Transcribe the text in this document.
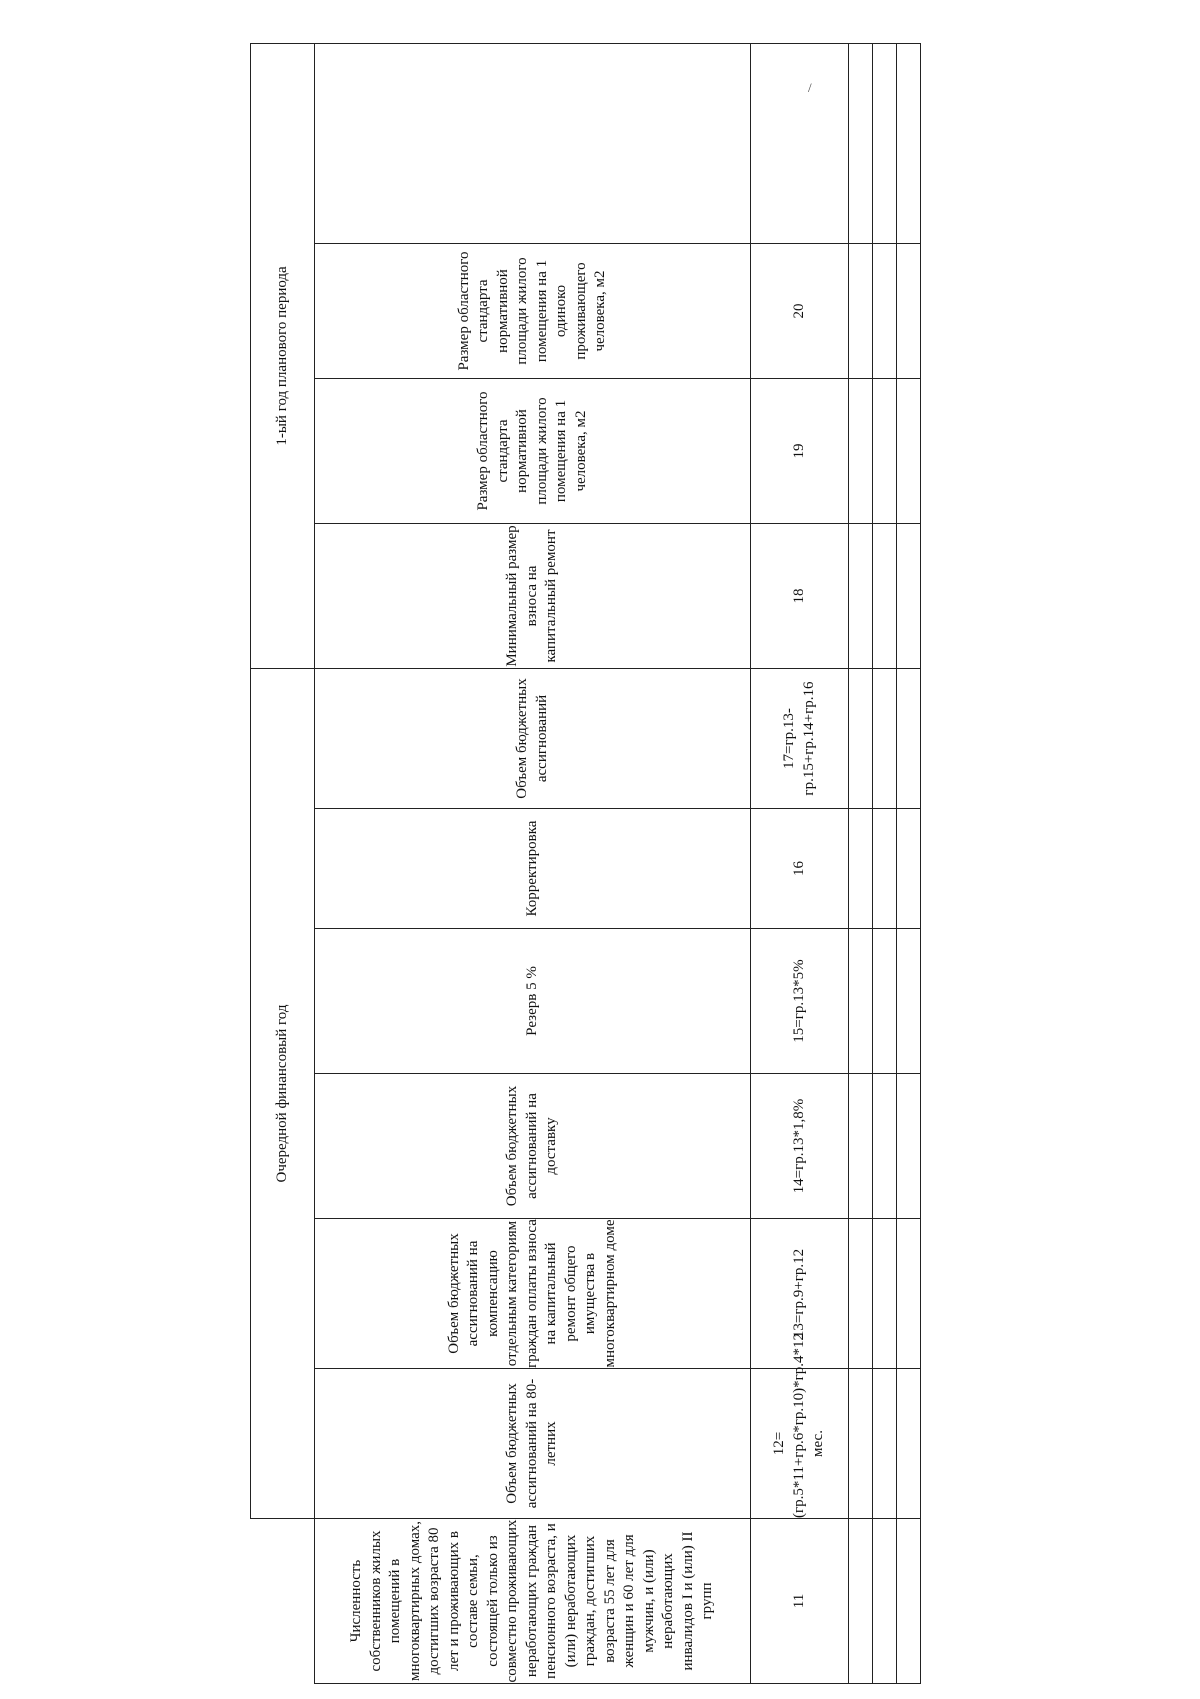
	Очередной финансовый год						1-ый год планового периода			
Численность собственников жилых помещений в многоквартирных домах, достигших возраста 80 лет и проживающих в составе семьи, состоящей только из совместно проживающих неработающих граждан пенсионного возраста, и (или) неработающих граждан, достигших возраста 55 лет для женщин и 60 лет для мужчин, и (или) неработающих инвалидов I и (или) II групп	Объем бюджетных ассигнований на 80-летних	Объем бюджетных ассигнований на компенсацию отдельным категориям граждан оплаты взноса на капитальный ремонт общего имущества в многоквартирном доме	Объем бюджетных ассигнований на доставку	Резерв 5 %	Корректировка	Объем бюджетных ассигнований	Минимальный размер взноса на капитальный ремонт	Размер областного стандарта нормативной площади жилого помещения на 1 человека, м2	Размер областного стандарта нормативной площади жилого помещения на 1 одиноко проживающего человека, м2	
11	12=(гр.5*11+гр.6*гр.10)*гр.4*12 мес.	13=гр.9+гр.12	14=гр.13*1,8%	15=гр.13*5%	16	17=гр.13-гр.15+гр.14+гр.16	18	19	20	

/
